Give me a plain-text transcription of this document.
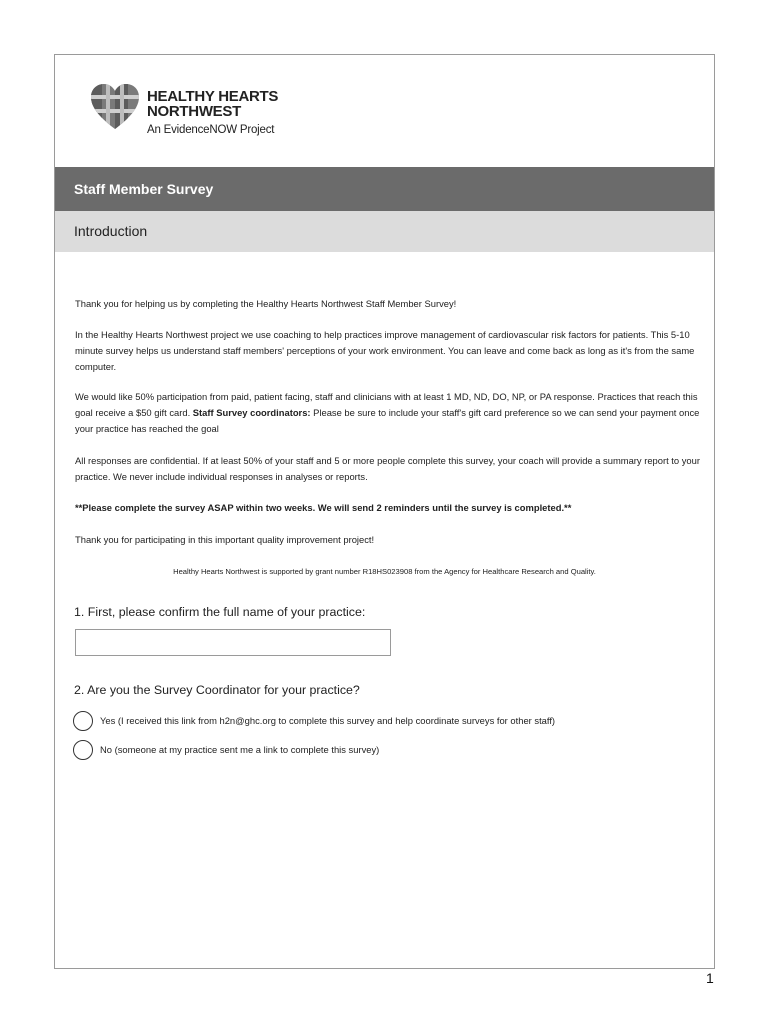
HEALTHY HEARTS
NORTHWEST
An EvidenceNOW Project
Staff Member Survey
Introduction
Thank you for helping us by completing the Healthy Hearts Northwest Staff Member Survey!
In the Healthy Hearts Northwest project we use coaching to help practices improve management of cardiovascular risk factors for patients. This 5-10 minute survey helps us understand staff members' perceptions of your work environment. You can leave and come back as long as it's from the same computer.
We would like 50% participation from paid, patient facing, staff and clinicians with at least 1 MD, ND, DO, NP, or PA response. Practices that reach this goal receive a $50 gift card. Staff Survey coordinators: Please be sure to include your staff's gift card preference so we can send your payment once your practice has reached the goal
All responses are confidential. If at least 50% of your staff and 5 or more people complete this survey, your coach will provide a summary report to your practice. We never include individual responses in analyses or reports.
**Please complete the survey ASAP within two weeks. We will send 2 reminders until the survey is completed.**
Thank you for participating in this important quality improvement project!
Healthy Hearts Northwest is supported by grant number R18HS023908 from the Agency for Healthcare Research and Quality.
1. First, please confirm the full name of your practice:
2. Are you the Survey Coordinator for your practice?
Yes (I received this link from h2n@ghc.org to complete this survey and help coordinate surveys for other staff)
No (someone at my practice sent me a link to complete this survey)
1
